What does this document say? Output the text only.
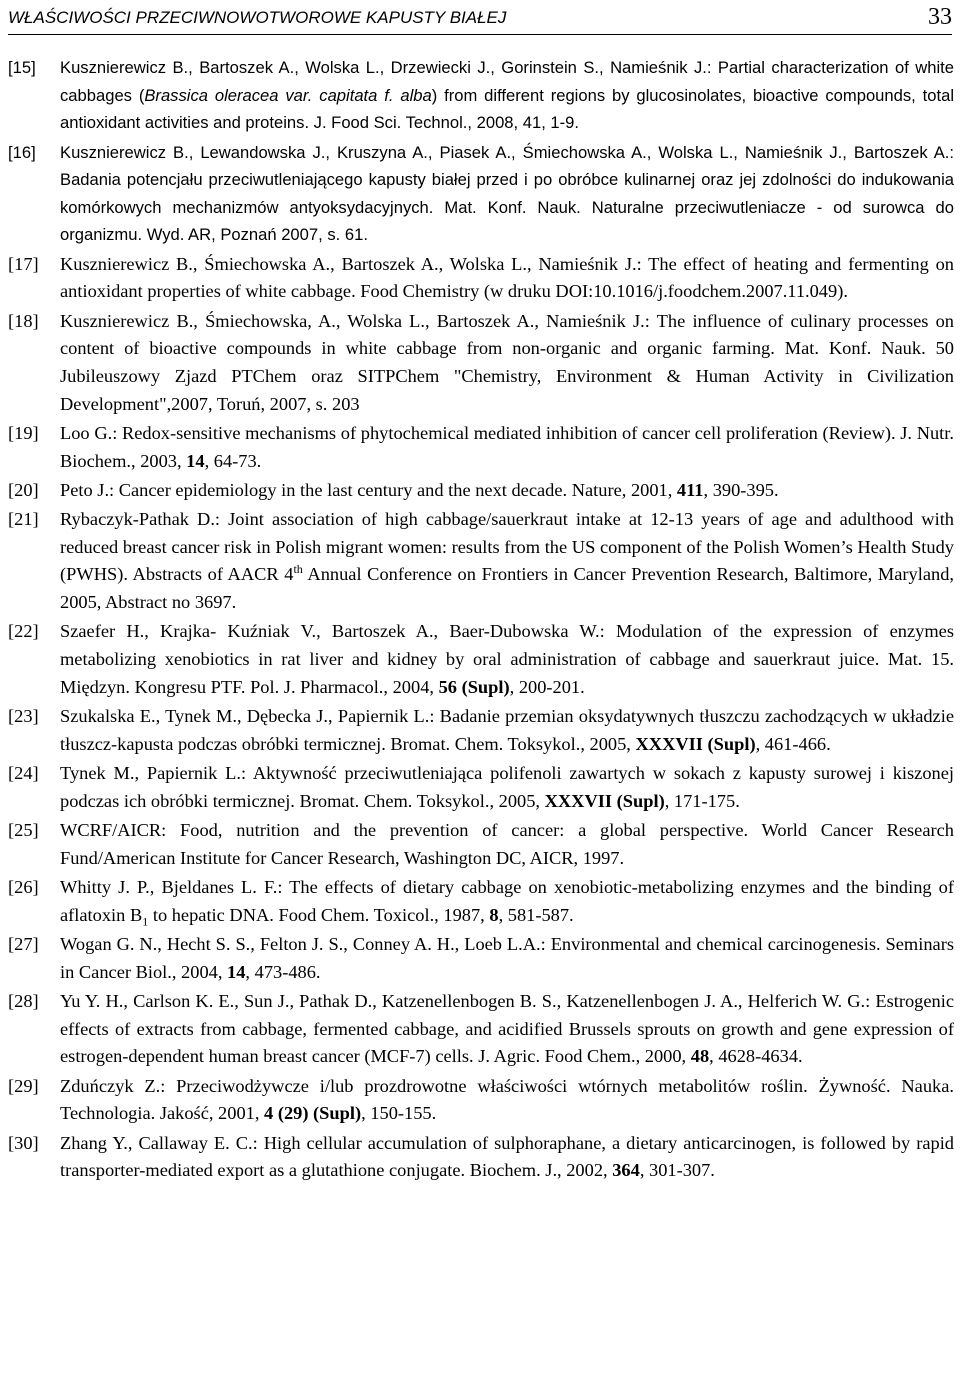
WŁAŚCIWOŚCI PRZECIWNOWOTWOROWE KAPUSTY BIAŁEJ	33

[15] Kusznierewicz B., Bartoszek A., Wolska L., Drzewiecki J., Gorinstein S., Namieśnik J.: Partial characterization of white cabbages (Brassica oleracea var. capitata f. alba) from different regions by glucosinolates, bioactive compounds, total antioxidant activities and proteins. J. Food Sci. Technol., 2008, 41, 1-9.

[16] Kusznierewicz B., Lewandowska J., Kruszyna A., Piasek A., Śmiechowska A., Wolska L., Namieśnik J., Bartoszek A.: Badania potencjału przeciwutleniającego kapusty białej przed i po obróbce kulinarnej oraz jej zdolności do indukowania komórkowych mechanizmów antyoksydacyjnych. Mat. Konf. Nauk. Naturalne przeciwutleniacze - od surowca do organizmu. Wyd. AR, Poznań 2007, s. 61.

[17] Kusznierewicz B., Śmiechowska A., Bartoszek A., Wolska L., Namieśnik J.: The effect of heating and fermenting on antioxidant properties of white cabbage. Food Chemistry (w druku DOI:10.1016/j.foodchem.2007.11.049).

[18] Kusznierewicz B., Śmiechowska, A., Wolska L., Bartoszek A., Namieśnik J.: The influence of culinary processes on content of bioactive compounds in white cabbage from non-organic and organic farming. Mat. Konf. Nauk. 50 Jubileuszowy Zjazd PTChem oraz SITPChem "Chemistry, Environment & Human Activity in Civilization Development",2007, Toruń, 2007, s. 203

[19] Loo G.: Redox-sensitive mechanisms of phytochemical mediated inhibition of cancer cell proliferation (Review). J. Nutr. Biochem., 2003, 14, 64-73.

[20] Peto J.: Cancer epidemiology in the last century and the next decade. Nature, 2001, 411, 390-395.

[21] Rybaczyk-Pathak D.: Joint association of high cabbage/sauerkraut intake at 12-13 years of age and adulthood with reduced breast cancer risk in Polish migrant women: results from the US component of the Polish Women’s Health Study (PWHS). Abstracts of AACR 4th Annual Conference on Frontiers in Cancer Prevention Research, Baltimore, Maryland, 2005, Abstract no 3697.

[22] Szaefer H., Krajka- Kuźniak V., Bartoszek A., Baer-Dubowska W.: Modulation of the expression of enzymes metabolizing xenobiotics in rat liver and kidney by oral administration of cabbage and sauerkraut juice. Mat. 15. Międzyn. Kongresu PTF. Pol. J. Pharmacol., 2004, 56 (Supl), 200-201.

[23] Szukalska E., Tynek M., Dębecka J., Papiernik L.: Badanie przemian oksydatywnych tłuszczu zachodzących w układzie tłuszcz-kapusta podczas obróbki termicznej. Bromat. Chem. Toksykol., 2005, XXXVII (Supl), 461-466.

[24] Tynek M., Papiernik L.: Aktywność przeciwutleniająca polifenoli zawartych w sokach z kapusty surowej i kiszonej podczas ich obróbki termicznej. Bromat. Chem. Toksykol., 2005, XXXVII (Supl), 171-175.

[25] WCRF/AICR: Food, nutrition and the prevention of cancer: a global perspective. World Cancer Research Fund/American Institute for Cancer Research, Washington DC, AICR, 1997.

[26] Whitty J. P., Bjeldanes L. F.: The effects of dietary cabbage on xenobiotic-metabolizing enzymes and the binding of aflatoxin $B_1$ to hepatic DNA. Food Chem. Toxicol., 1987, 8, 581-587.

[27] Wogan G. N., Hecht S. S., Felton J. S., Conney A. H., Loeb L.A.: Environmental and chemical carcinogenesis. Seminars in Cancer Biol., 2004, 14, 473-486.

[28] Yu Y. H., Carlson K. E., Sun J., Pathak D., Katzenellenbogen B. S., Katzenellenbogen J. A., Helferich W. G.: Estrogenic effects of extracts from cabbage, fermented cabbage, and acidified Brussels sprouts on growth and gene expression of estrogen-dependent human breast cancer (MCF-7) cells. J. Agric. Food Chem., 2000, 48, 4628-4634.

[29] Zduńczyk Z.: Przeciwodżywcze i/lub prozdrowotne właściwości wtórnych metabolitów roślin. Żywność. Nauka. Technologia. Jakość, 2001, 4 (29) (Supl), 150-155.

[30] Zhang Y., Callaway E. C.: High cellular accumulation of sulphoraphane, a dietary anticarcinogen, is followed by rapid transporter-mediated export as a glutathione conjugate. Biochem. J., 2002, 364, 301-307.
